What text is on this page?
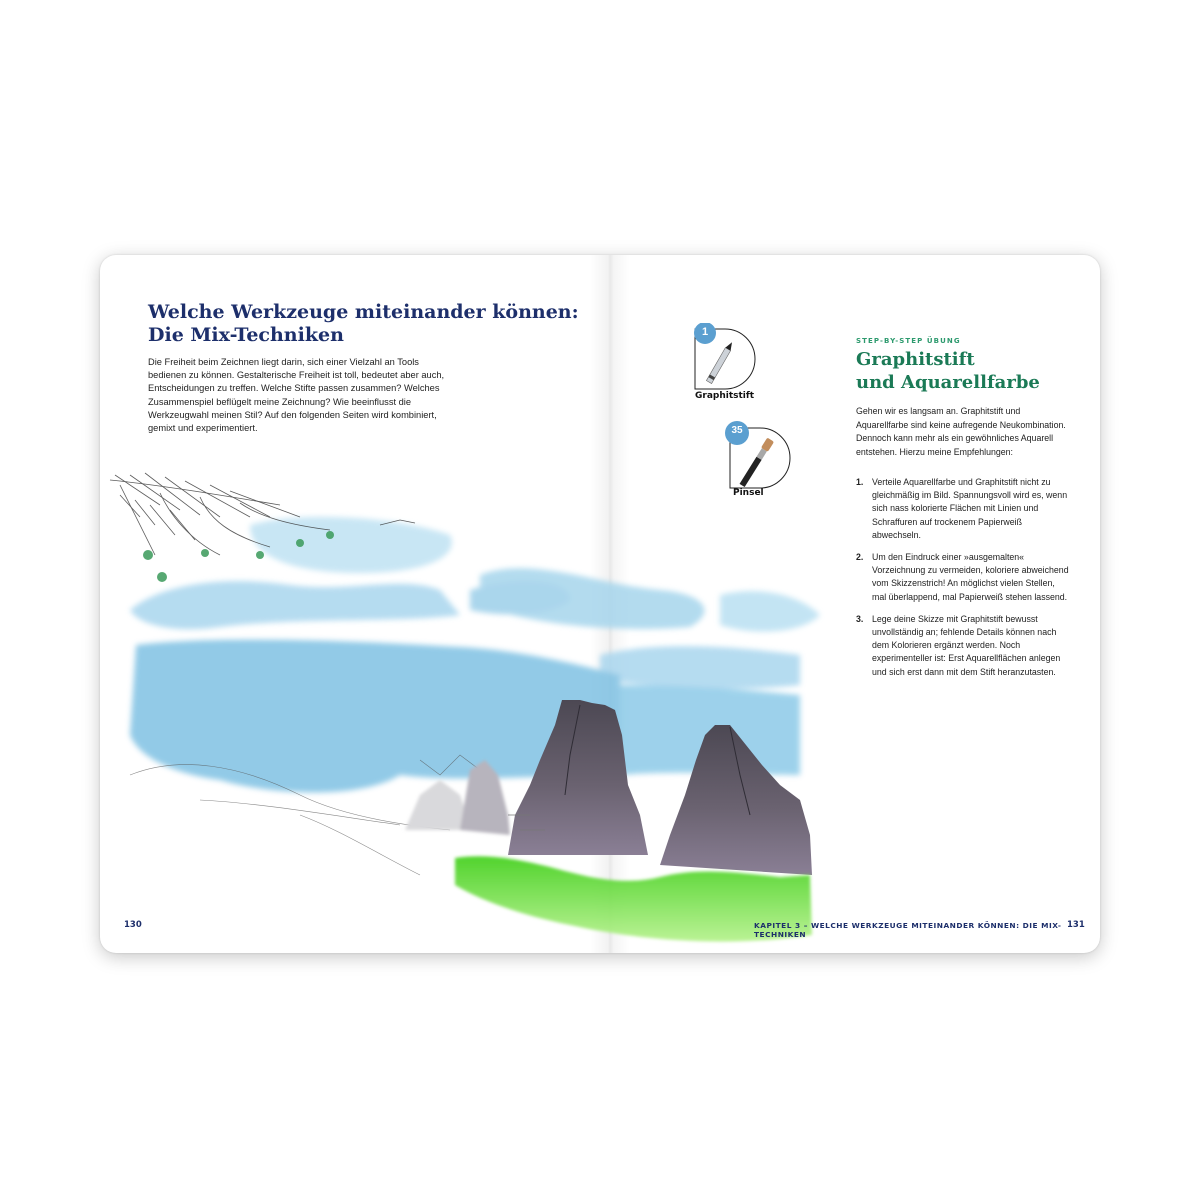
Welche Werkzeuge miteinander können:
Die Mix-Techniken

Die Freiheit beim Zeichnen liegt darin, sich einer Vielzahl an Tools bedienen zu können. Gestalterische Freiheit ist toll, bedeutet aber auch, Entscheidungen zu treffen. Welche Stifte passen zusammen? Welches Zusammenspiel beflügelt meine Zeichnung? Wie beeinflusst die Werkzeugwahl meinen Stil? Auf den folgenden Seiten wird kombiniert, gemixt und experimentiert.

130
1
Graphitstift
35
Pinsel
STEP-BY-STEP ÜBUNG
Graphitstift
und Aquarellfarbe

Gehen wir es langsam an. Graphitstift und Aquarellfarbe sind keine aufregende Neukombination. Dennoch kann mehr als ein gewöhnliches Aquarell entstehen. Hierzu meine Empfehlungen:

1. Verteile Aquarellfarbe und Graphitstift nicht zu gleichmäßig im Bild. Spannungsvoll wird es, wenn sich nass kolorierte Flächen mit Linien und Schraffuren auf trockenem Papierweiß abwechseln.
2. Um den Eindruck einer »ausgemalten« Vorzeichnung zu vermeiden, koloriere abweichend vom Skizzenstrich! An möglichst vielen Stellen, mal überlappend, mal Papierweiß stehen lassend.
3. Lege deine Skizze mit Graphitstift bewusst unvollständig an; fehlende Details können nach dem Kolorieren ergänzt werden. Noch experimenteller ist: Erst Aquarellflächen anlegen und sich erst dann mit dem Stift heranzutasten.
KAPITEL 3 – WELCHE WERKZEUGE MITEINANDER KÖNNEN: DIE MIX-TECHNIKEN
131
